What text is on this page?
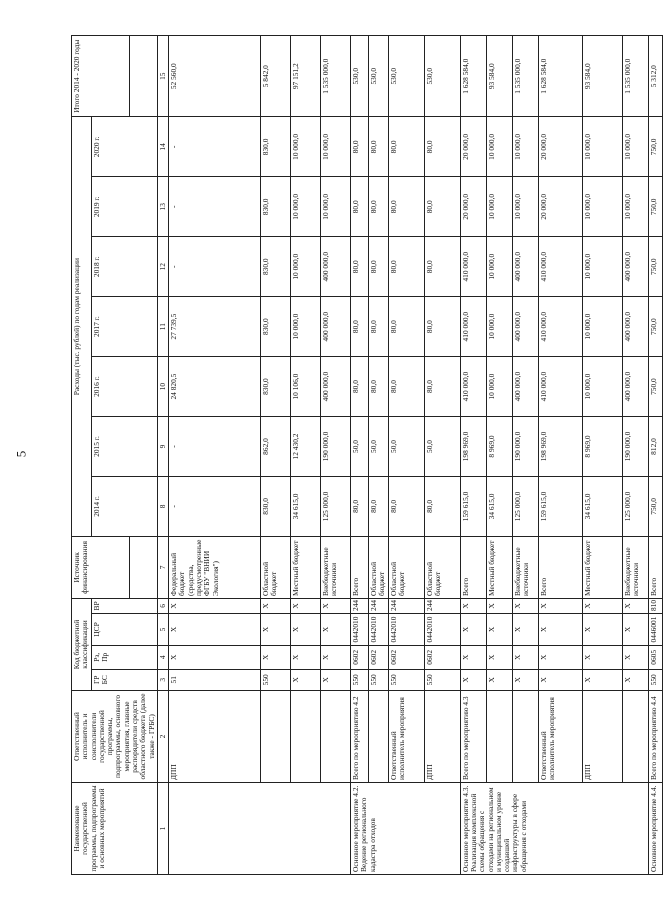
5
Наименование государственной программы, подпрограммы и основных мероприятий	Ответственный исполнитель и соисполнители государственной программы, подпрограммы, основного мероприятия, главные распорядители средств областного бюджета (далее также - ГРБС)	Код бюджетной классификации				Источник финансирования	Расходы (тыс. рублей) по годам реализации							Итого 2014 - 2020 годы
		ГР БС	Рз, Пр	ЦСР	ВР		2014 г.	2015 г.	2016 г.	2017 г.	2018 г.	2019 г.	2020 г.	

1	2	3	4	5	6	7	8	9	10	11	12	13	14	15
	ДПП	51	Х	Х	Х	Федеральный бюджет (средства, предусмотренные ФГБУ "ВНИИ Экология")	-	-	24 820,5	27 739,5	-	-	-	52 560,0
		550	Х	Х	Х	Областной бюджет	830,0	862,0	830,0	830,0	830,0	830,0	830,0	5 842,0
		Х	Х	Х	Х	Местный бюджет	34 615,0	12 430,2	10 106,0	10 000,0	10 000,0	10 000,0	10 000,0	97 151,2
		Х	Х	Х	Х	Внебюджетные источники	125 000,0	190 000,0	400 000,0	400 000,0	400 000,0	10 000,0	10 000,0	1 535 000,0
Основное мероприятие 4.2. Ведение регионального кадастра отходов	Всего по мероприятию 4.2	550	0602	0442010	244	Всего	80,0	50,0	80,0	80,0	80,0	80,0	80,0	530,0
		550	0602	0442010	244	Областной бюджет	80,0	50,0	80,0	80,0	80,0	80,0	80,0	530,0
	Ответственный исполнитель мероприятия	550	0602	0442010	244	Областной бюджет	80,0	50,0	80,0	80,0	80,0	80,0	80,0	530,0
	ДПП	550	0602	0442010	244	Областной бюджет	80,0	50,0	80,0	80,0	80,0	80,0	80,0	530,0
Основное мероприятие 4.3. Реализация комплексной схемы обращения с отходами на региональном и муниципальном уровне создавшей инфраструктуры в сфере обращения с отходами	Всего по мероприятию 4.3	Х	Х	Х	Х	Всего	159 615,0	198 969,0	410 000,0	410 000,0	410 000,0	20 000,0	20 000,0	1 628 584,0
		Х	Х	Х	Х	Местный бюджет	34 615,0	8 969,0	10 000,0	10 000,0	10 000,0	10 000,0	10 000,0	93 584,0
		Х	Х	Х	Х	Внебюджетные источники	125 000,0	190 000,0	400 000,0	400 000,0	400 000,0	10 000,0	10 000,0	1 535 000,0
	Ответственный исполнитель мероприятия	Х	Х	Х	Х	Всего	159 615,0	198 969,0	410 000,0	410 000,0	410 000,0	20 000,0	20 000,0	1 628 584,0
	ДПП	Х	Х	Х	Х	Местный бюджет	34 615,0	8 969,0	10 000,0	10 000,0	10 000,0	10 000,0	10 000,0	93 584,0
		Х	Х	Х	Х	Внебюджетные источники	125 000,0	190 000,0	400 000,0	400 000,0	400 000,0	10 000,0	10 000,0	1 535 000,0
Основное мероприятие 4.4.	Всего по мероприятию 4.4	550	0605	0446001	810	Всего	750,0	812,0	750,0	750,0	750,0	750,0	750,0	5 312,0
